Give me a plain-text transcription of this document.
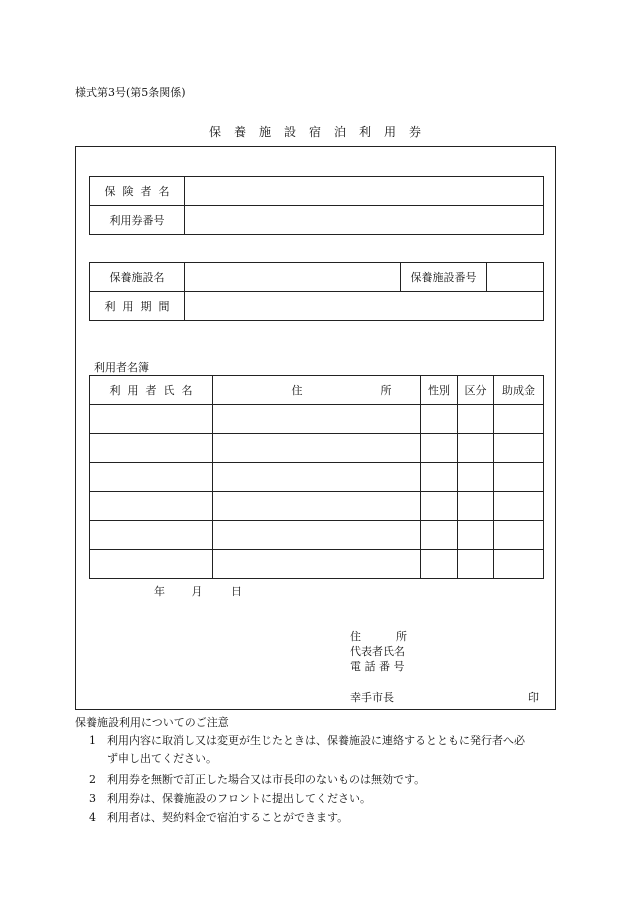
様式第3号(第5条関係)
保養施設宿泊利用券
保険者名	
利用券番号	
保養施設名		保養施設番号	
利用期間			
利用者名簿
利用者氏名	住 所	性別	区分	助成金

年 月	日
住	所
代表者氏名
電 話 番 号
幸手市長	印
保養施設利用についてのご注意
1 利用内容に取消し又は変更が生じたときは、保養施設に連絡するとともに発行者へ必
ず申し出てください。
2 利用券を無断で訂正した場合又は市長印のないものは無効です。
3 利用券は、保養施設のフロントに提出してください。
4 利用者は、契約料金で宿泊することができます。
